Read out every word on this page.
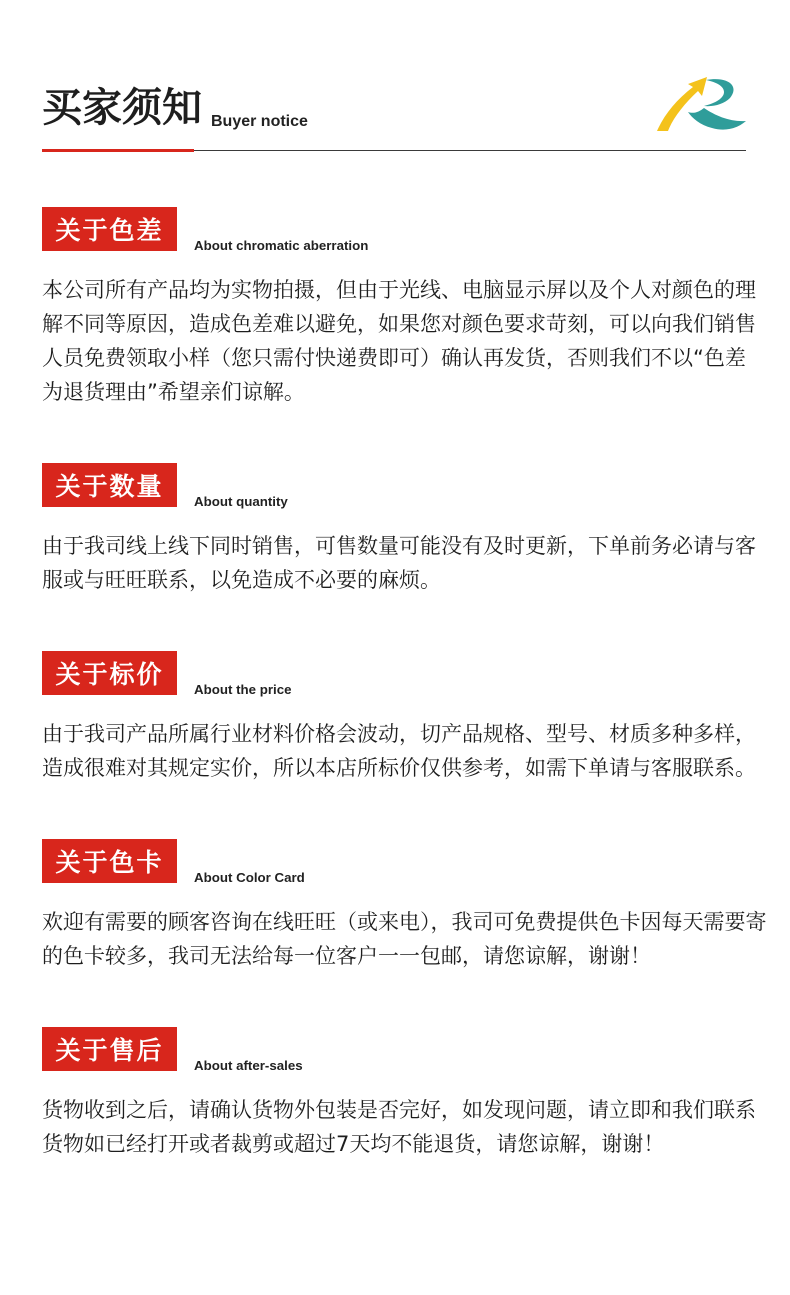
买家须知 Buyer notice
关于色差
About chromatic aberration
本公司所有产品均为实物拍摄，但由于光线、电脑显示屏以及个人对颜色的理
解不同等原因，造成色差难以避免，如果您对颜色要求苛刻，可以向我们销售
人员免费领取小样（您只需付快递费即可）确认再发货，否则我们不以“色差
为退货理由”希望亲们谅解。
关于数量
About quantity
由于我司线上线下同时销售，可售数量可能没有及时更新，下单前务必请与客
服或与旺旺联系，以免造成不必要的麻烦。
关于标价
About the price
由于我司产品所属行业材料价格会波动，切产品规格、型号、材质多种多样，
造成很难对其规定实价，所以本店所标价仅供参考，如需下单请与客服联系。
关于色卡
About Color Card
欢迎有需要的顾客咨询在线旺旺（或来电），我司可免费提供色卡因每天需要寄
的色卡较多，我司无法给每一位客户一一包邮，请您谅解，谢谢！
关于售后
About after-sales
货物收到之后，请确认货物外包装是否完好，如发现问题，请立即和我们联系
货物如已经打开或者裁剪或超过7天均不能退货，请您谅解，谢谢！
